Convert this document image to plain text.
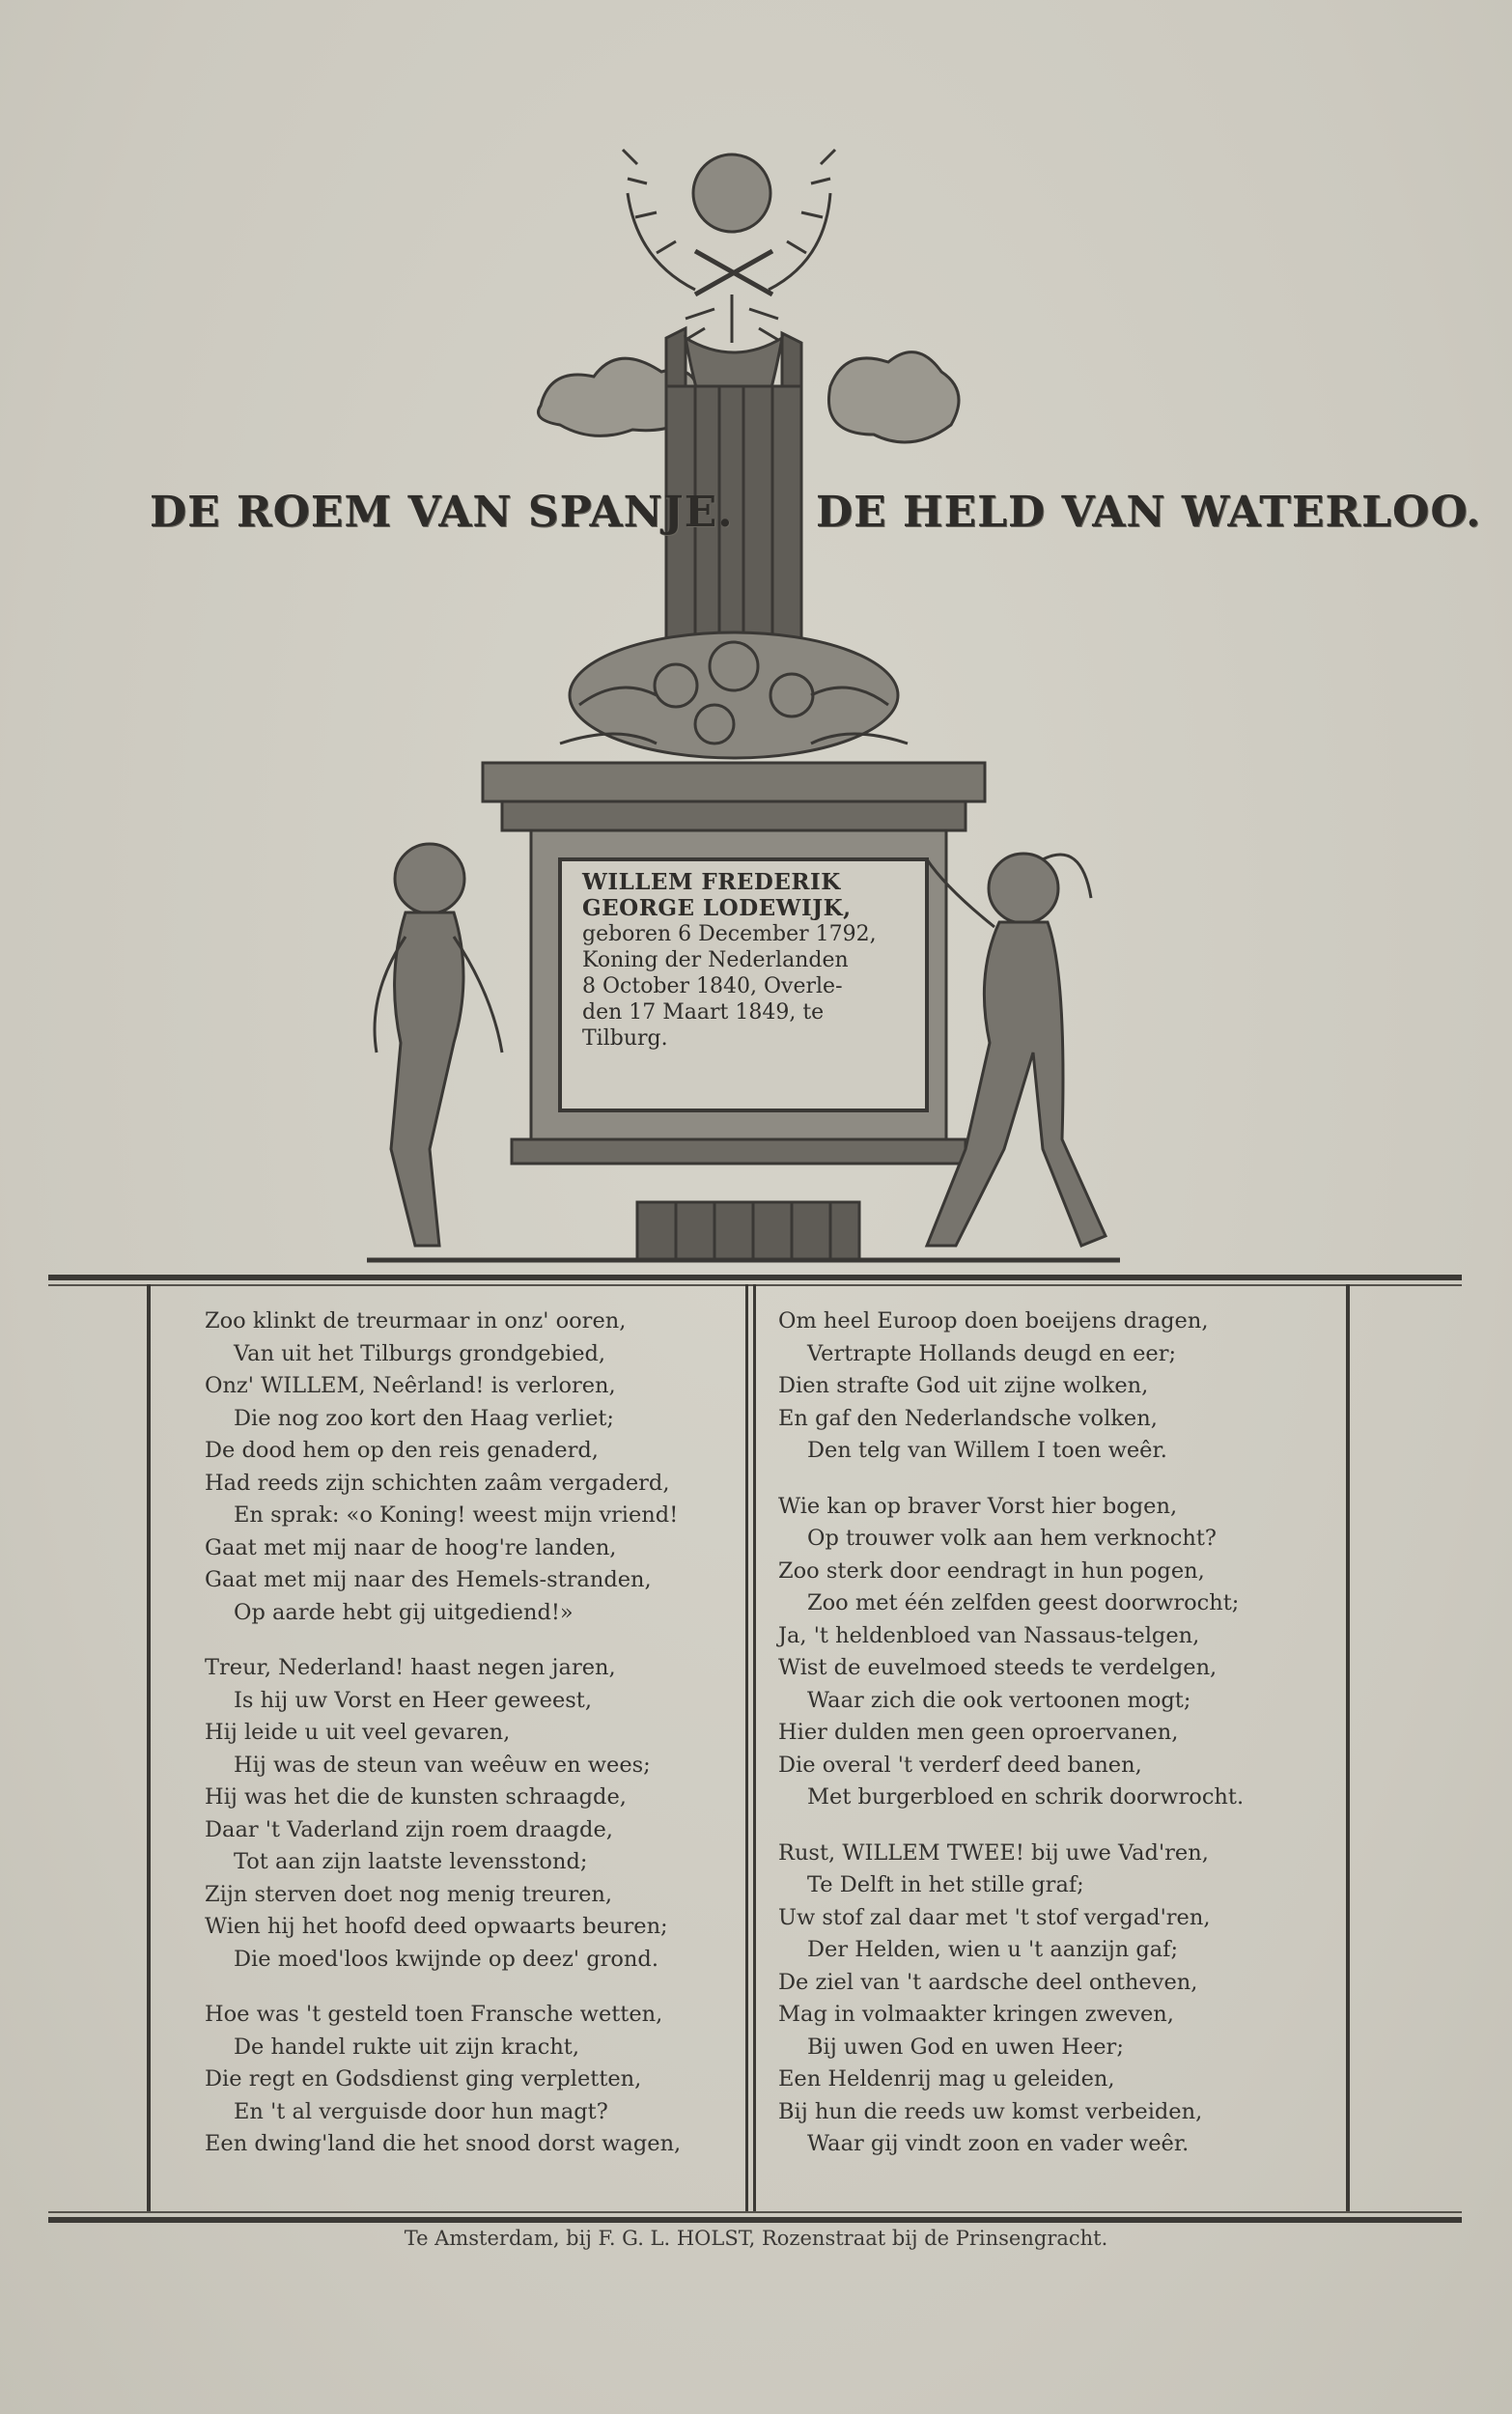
DE ROEM VAN SPANJE. DE HELD VAN WATERLOO.
WILLEM FREDERIK
GEORGE LODEWIJK,
geboren 6 December 1792,
Koning der Nederlanden
8 October 1840, Overle-
den 17 Maart 1849, te
Tilburg.
Zoo klinkt de treurmaar in onz' ooren,
Van uit het Tilburgs grondgebied,
Onz' WILLEM, Neêrland! is verloren,
Die nog zoo kort den Haag verliet;
De dood hem op den reis genaderd,
Had reeds zijn schichten zaâm vergaderd,
En sprak: «o Koning! weest mijn vriend!
Gaat met mij naar de hoog're landen,
Gaat met mij naar des Hemels-stranden,
Op aarde hebt gij uitgediend!»
Treur, Nederland! haast negen jaren,
Is hij uw Vorst en Heer geweest,
Hij leide u uit veel gevaren,
Hij was de steun van weêuw en wees;
Hij was het die de kunsten schraagde,
Daar 't Vaderland zijn roem draagde,
Tot aan zijn laatste levensstond;
Zijn sterven doet nog menig treuren,
Wien hij het hoofd deed opwaarts beuren;
Die moed'loos kwijnde op deez' grond.
Hoe was 't gesteld toen Fransche wetten,
De handel rukte uit zijn kracht,
Die regt en Godsdienst ging verpletten,
En 't al verguisde door hun magt?
Een dwing'land die het snood dorst wagen,
Om heel Euroop doen boeijens dragen,
Vertrapte Hollands deugd en eer;
Dien strafte God uit zijne wolken,
En gaf den Nederlandsche volken,
Den telg van Willem I toen weêr.
Wie kan op braver Vorst hier bogen,
Op trouwer volk aan hem verknocht?
Zoo sterk door eendragt in hun pogen,
Zoo met één zelfden geest doorwrocht;
Ja, 't heldenbloed van Nassaus-telgen,
Wist de euvelmoed steeds te verdelgen,
Waar zich die ook vertoonen mogt;
Hier dulden men geen oproervanen,
Die overal 't verderf deed banen,
Met burgerbloed en schrik doorwrocht.
Rust, WILLEM TWEE! bij uwe Vad'ren,
Te Delft in het stille graf;
Uw stof zal daar met 't stof vergad'ren,
Der Helden, wien u 't aanzijn gaf;
De ziel van 't aardsche deel ontheven,
Mag in volmaakter kringen zweven,
Bij uwen God en uwen Heer;
Een Heldenrij mag u geleiden,
Bij hun die reeds uw komst verbeiden,
Waar gij vindt zoon en vader weêr.
Te Amsterdam, bij F. G. L. HOLST, Rozenstraat bij de Prinsengracht.
